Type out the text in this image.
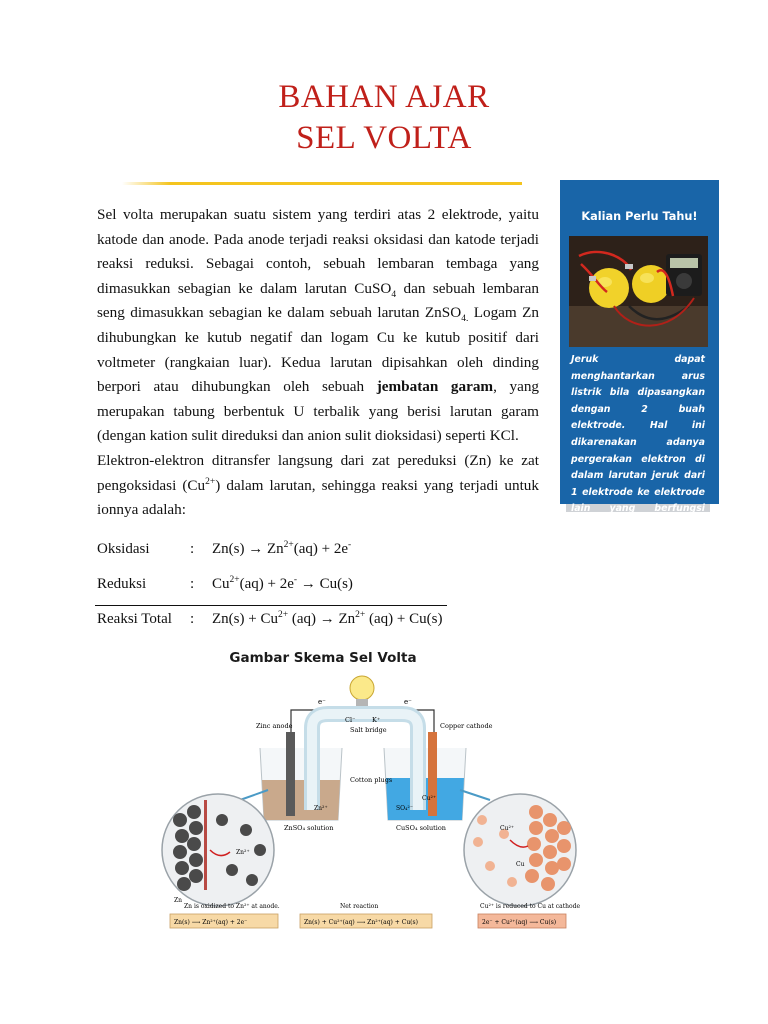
BAHAN AJAR
SEL VOLTA

Sel volta merupakan suatu sistem yang terdiri atas 2 elektrode, yaitu katode dan anode. Pada anode terjadi reaksi oksidasi dan katode terjadi reaksi reduksi. Sebagai contoh, sebuah lembaran tembaga yang dimasukkan sebagian ke dalam larutan CuSO$_4$ dan sebuah lembaran seng dimasukkan sebagian ke dalam sebuah larutan ZnSO$_{4.}$ Logam Zn dihubungkan ke kutub negatif dan logam Cu ke kutub positif dari voltmeter (rangkaian luar). Kedua larutan dipisahkan oleh dinding berpori atau dihubungkan oleh sebuah jembatan garam, yang merupakan tabung berbentuk U terbalik yang berisi larutan garam (dengan kation sulit direduksi dan anion sulit dioksidasi) seperti KCl.

Elektron-elektron ditransfer langsung dari zat pereduksi (Zn) ke zat pengoksidasi $(Cu^{2+})$ dalam larutan, sehingga reaksi yang terjadi untuk ionnya adalah:

Oksidasi	: $Zn(s) \to Zn^{2+}(aq) + 2e^-$
Reduksi	: $Cu^{2+}(aq) + 2e^- \to Cu(s)$
Reaksi Total : $Zn(s) + Cu^{2+}$ $(aq) \to Zn^{2+}$ (aq) + Cu(s)
Kalian Perlu Tahu!
Jeruk dapat menghantarkan arus listrik bila dipasangkan dengan 2 buah elektrode. Hal ini dikarenakan adanya pergerakan elektron di dalam larutan jeruk dari 1 elektrode ke elektrode lain yang berfungsi sebagai anode dan katode.
Gambar Skema Sel Volta
e⁻	e⁻
Zinc anode	Copper cathode
Cl⁻	K⁺
Salt bridge
Cotton plugs
Zn²⁺	SO₄²⁻
Cu²⁺
ZnSO₄ solution	CuSO₄ solution
Zn
Zn²⁺
Cu²⁺
Cu
Zn is oxidized to Zn²⁺ at anode.	Net reaction	Cu²⁺ is reduced to Cu at cathode.
Zn(s) ⟶ Zn²⁺(aq) + 2e⁻	Zn(s) + Cu²⁺(aq) ⟶ Zn²⁺(aq) + Cu(s)	2e⁻ + Cu²⁺(aq) ⟶ Cu(s)
